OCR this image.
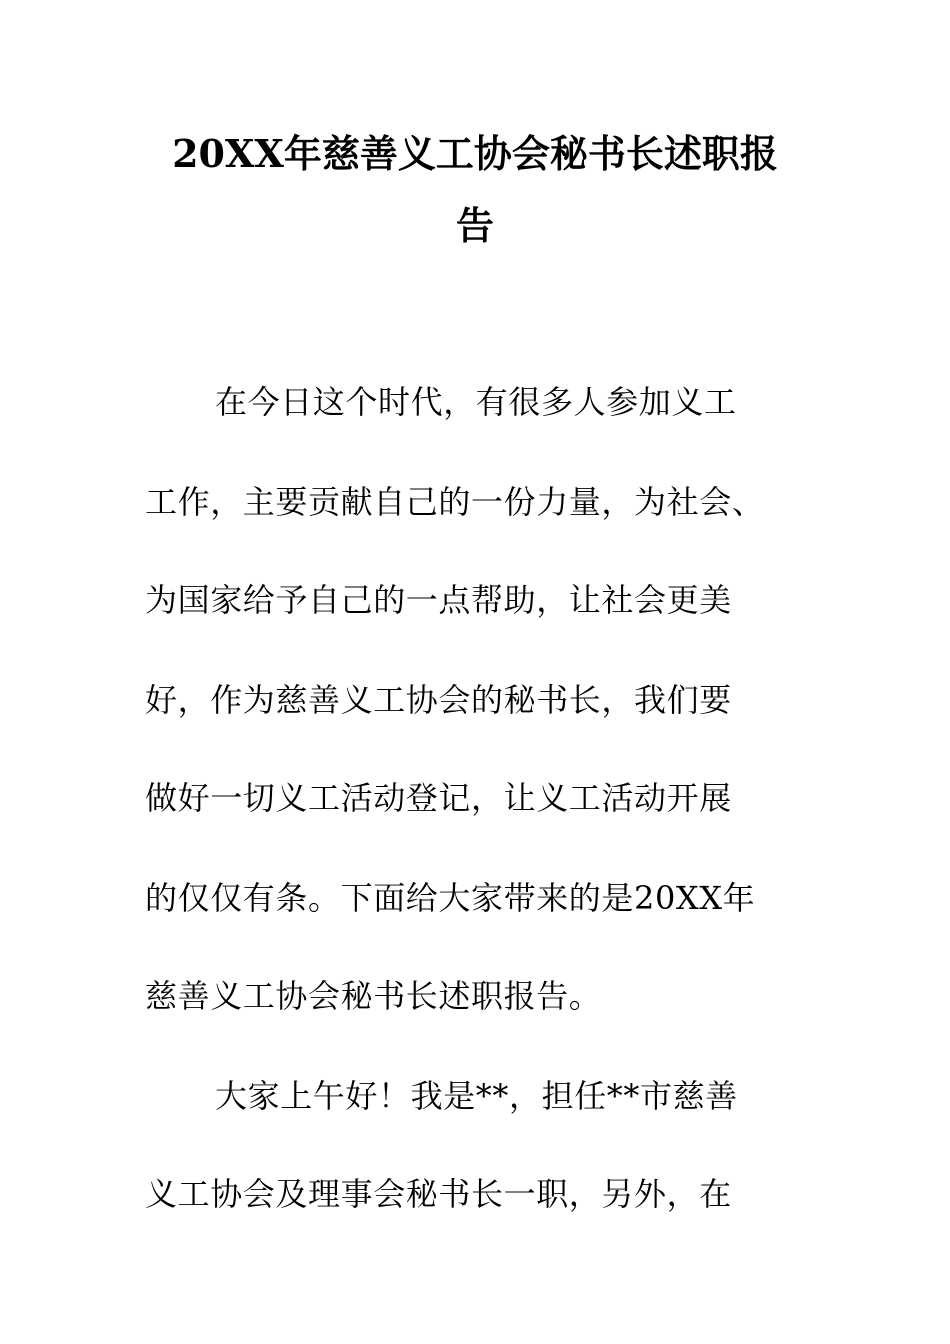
20XX年慈善义工协会秘书长述职报
告
在今日这个时代，有很多人参加义工
工作，主要贡献自己的一份力量，为社会、
为国家给予自己的一点帮助，让社会更美
好，作为慈善义工协会的秘书长，我们要
做好一切义工活动登记，让义工活动开展
的仅仅有条。下面给大家带来的是20XX年
慈善义工协会秘书长述职报告。
大家上午好！我是**，担任**市慈善
义工协会及理事会秘书长一职，另外，在
